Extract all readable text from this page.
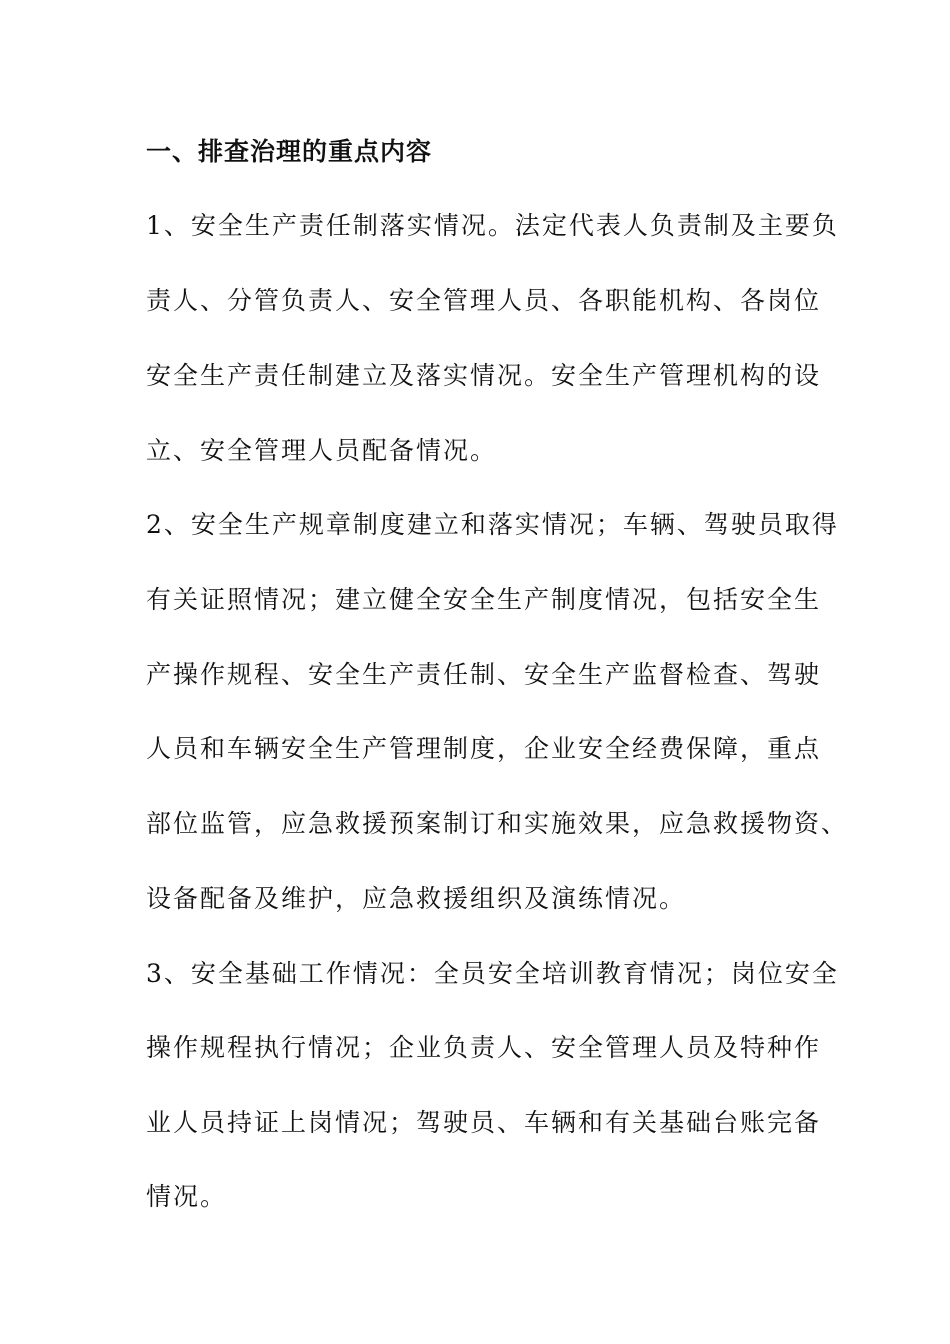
一、排查治理的重点内容
1、安全生产责任制落实情况。法定代表人负责制及主要负
责人、分管负责人、安全管理人员、各职能机构、各岗位
安全生产责任制建立及落实情况。安全生产管理机构的设
立、安全管理人员配备情况。
2、安全生产规章制度建立和落实情况；车辆、驾驶员取得
有关证照情况；建立健全安全生产制度情况，包括安全生
产操作规程、安全生产责任制、安全生产监督检查、驾驶
人员和车辆安全生产管理制度，企业安全经费保障，重点
部位监管，应急救援预案制订和实施效果，应急救援物资、
设备配备及维护，应急救援组织及演练情况。
3、安全基础工作情况：全员安全培训教育情况；岗位安全
操作规程执行情况；企业负责人、安全管理人员及特种作
业人员持证上岗情况；驾驶员、车辆和有关基础台账完备
情况。
